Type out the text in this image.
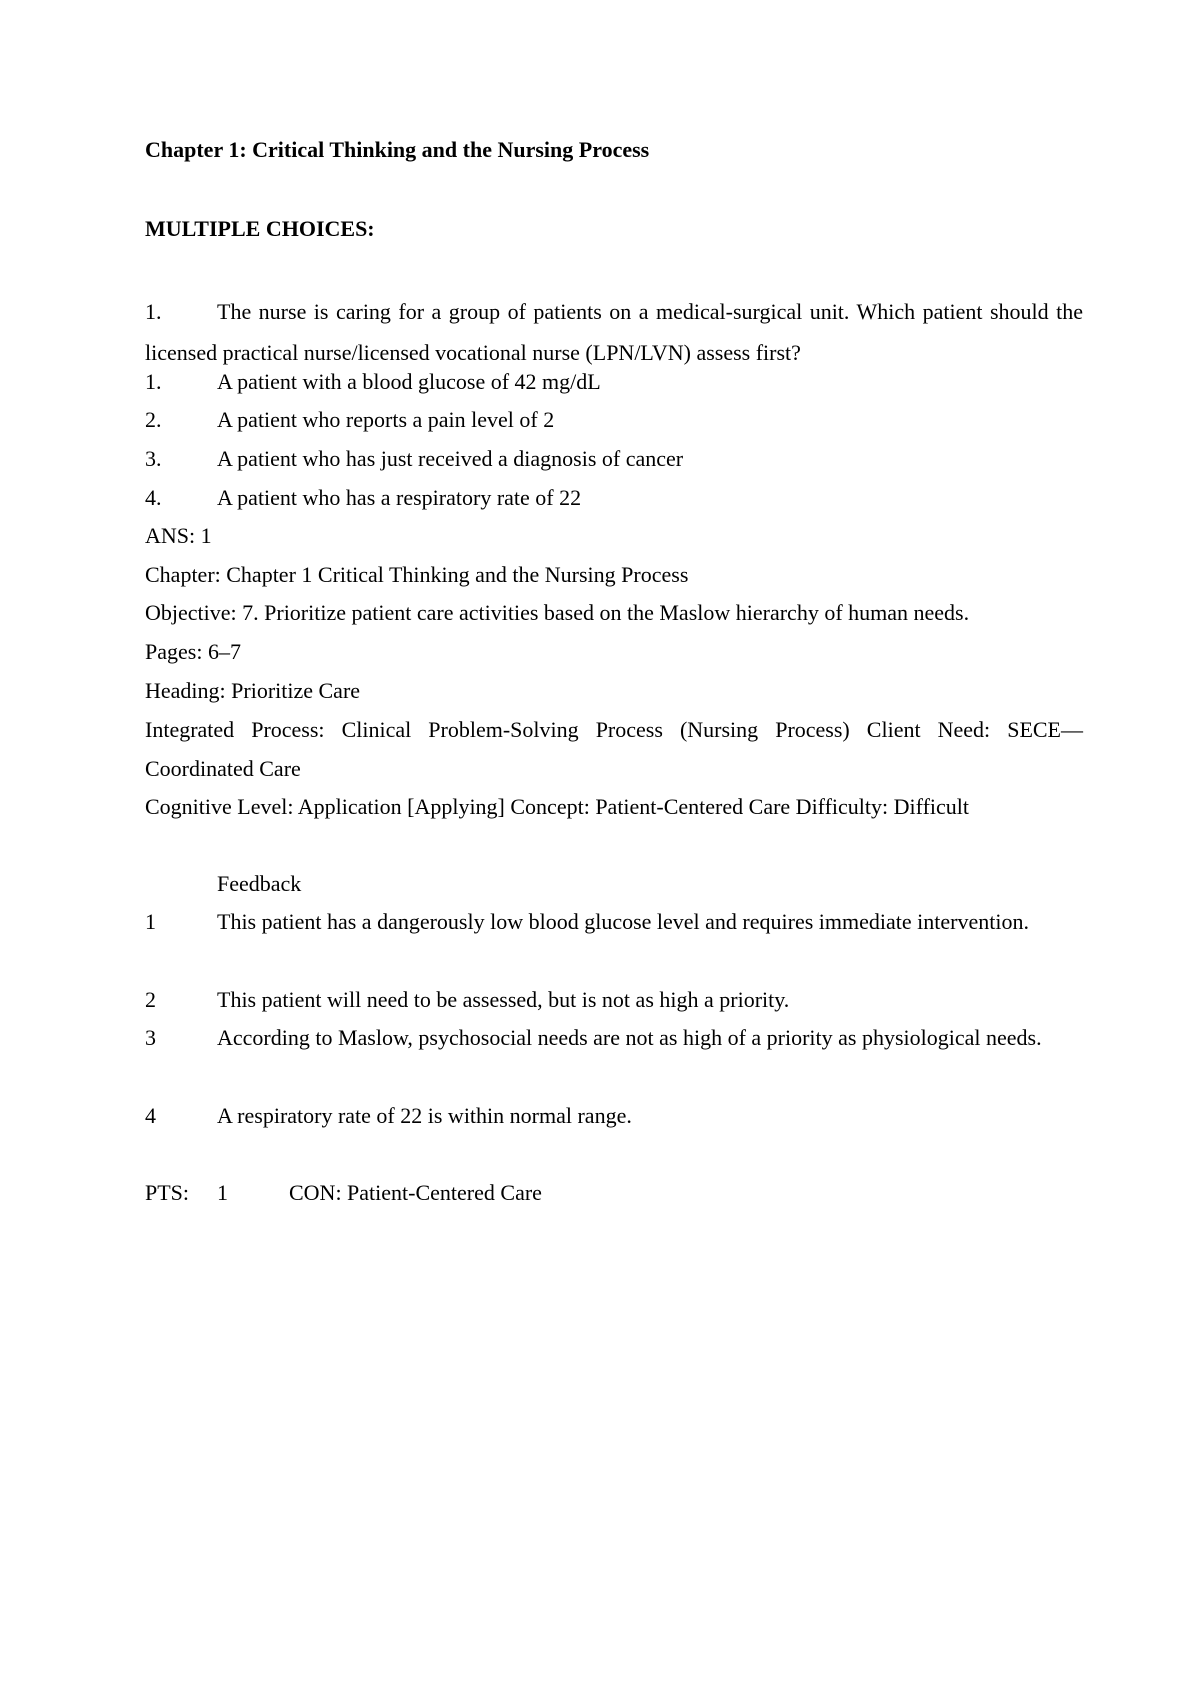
Chapter 1: Critical Thinking and the Nursing Process
MULTIPLE CHOICES:
1.	The nurse is caring for a group of patients on a medical-surgical unit. Which patient should the licensed practical nurse/licensed vocational nurse (LPN/LVN) assess first?
1.	A patient with a blood glucose of 42 mg/dL
2.	A patient who reports a pain level of 2
3.	A patient who has just received a diagnosis of cancer
4.	A patient who has a respiratory rate of 22
ANS: 1
Chapter: Chapter 1 Critical Thinking and the Nursing Process
Objective: 7. Prioritize patient care activities based on the Maslow hierarchy of human needs.
Pages: 6–7
Heading: Prioritize Care
Integrated Process: Clinical Problem-Solving Process (Nursing Process) Client Need: SECE—Coordinated Care
Cognitive Level: Application [Applying] Concept: Patient-Centered Care Difficulty: Difficult
Feedback
1	This patient has a dangerously low blood glucose level and requires immediate intervention.
2	This patient will need to be assessed, but is not as high a priority.
3	According to Maslow, psychosocial needs are not as high of a priority as physiological needs.
4	A respiratory rate of 22 is within normal range.
PTS: 1	CON: Patient-Centered Care
